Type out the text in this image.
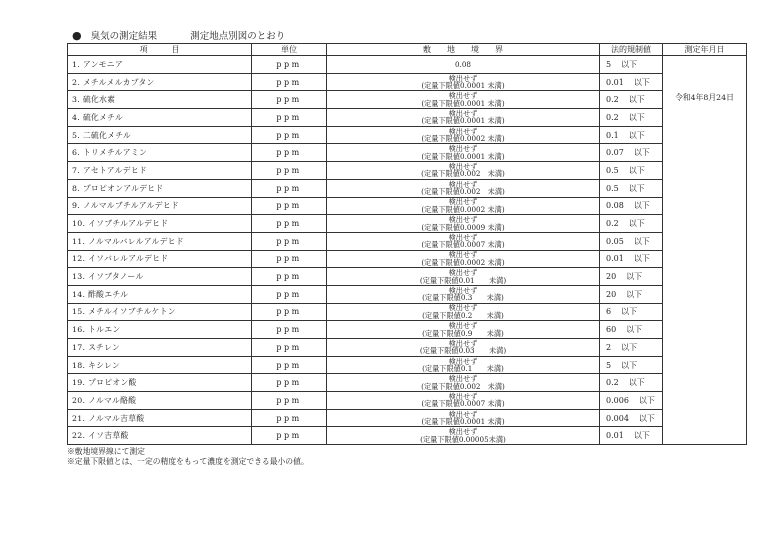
● 臭気の測定結果	測定地点別図のとおり
項　　　目	単位	敷　　地　　境　　界	法的規制値	測定年月日
1. アンモニア	ppm	0.08	5 以下	令和4年8月24日
2. メチルメルカプタン	ppm	検出せず
(定量下限値0.0001 未満)	0.01 以下	
3. 硫化水素	ppm	検出せず
(定量下限値0.0001 未満)	0.2 以下	
4. 硫化メチル	ppm	検出せず
(定量下限値0.0001 未満)	0.2 以下	
5. 二硫化メチル	ppm	検出せず
(定量下限値0.0002 未満)	0.1 以下	
6. トリメチルアミン	ppm	検出せず
(定量下限値0.0001 未満)	0.07 以下	
7. アセトアルデヒド	ppm	検出せず
(定量下限値0.002　未満)	0.5 以下	
8. プロピオンアルデヒド	ppm	検出せず
(定量下限値0.002　未満)	0.5 以下	
9. ノルマルブチルアルデヒド	ppm	検出せず
(定量下限値0.0002 未満)	0.08 以下	
10. イソブチルアルデヒド	ppm	検出せず
(定量下限値0.0009 未満)	0.2 以下	
11. ノルマルバレルアルデヒド	ppm	検出せず
(定量下限値0.0007 未満)	0.05 以下	
12. イソバレルアルデヒド	ppm	検出せず
(定量下限値0.0002 未満)	0.01 以下	
13. イソブタノール	ppm	検出せず
(定量下限値0.01　　未満)	20 以下	
14. 酢酸エチル	ppm	検出せず
(定量下限値0.3　　未満)	20 以下	
15. メチルイソブチルケトン	ppm	検出せず
(定量下限値0.2　　未満)	6 以下	
16. トルエン	ppm	検出せず
(定量下限値0.9　　未満)	60 以下	
17. スチレン	ppm	検出せず
(定量下限値0.03　　未満)	2 以下	
18. キシレン	ppm	検出せず
(定量下限値0.1　　未満)	5 以下	
19. プロピオン酸	ppm	検出せず
(定量下限値0.002　未満)	0.2 以下	
20. ノルマル酪酸	ppm	検出せず
(定量下限値0.0007 未満)	0.006 以下	
21. ノルマル吉草酸	ppm	検出せず
(定量下限値0.0001 未満)	0.004 以下	
22. イソ吉草酸	ppm	検出せず
(定量下限値0.00005未満)	0.01 以下	
※敷地境界線にて測定
※定量下限値とは、一定の精度をもって濃度を測定できる最小の値。
